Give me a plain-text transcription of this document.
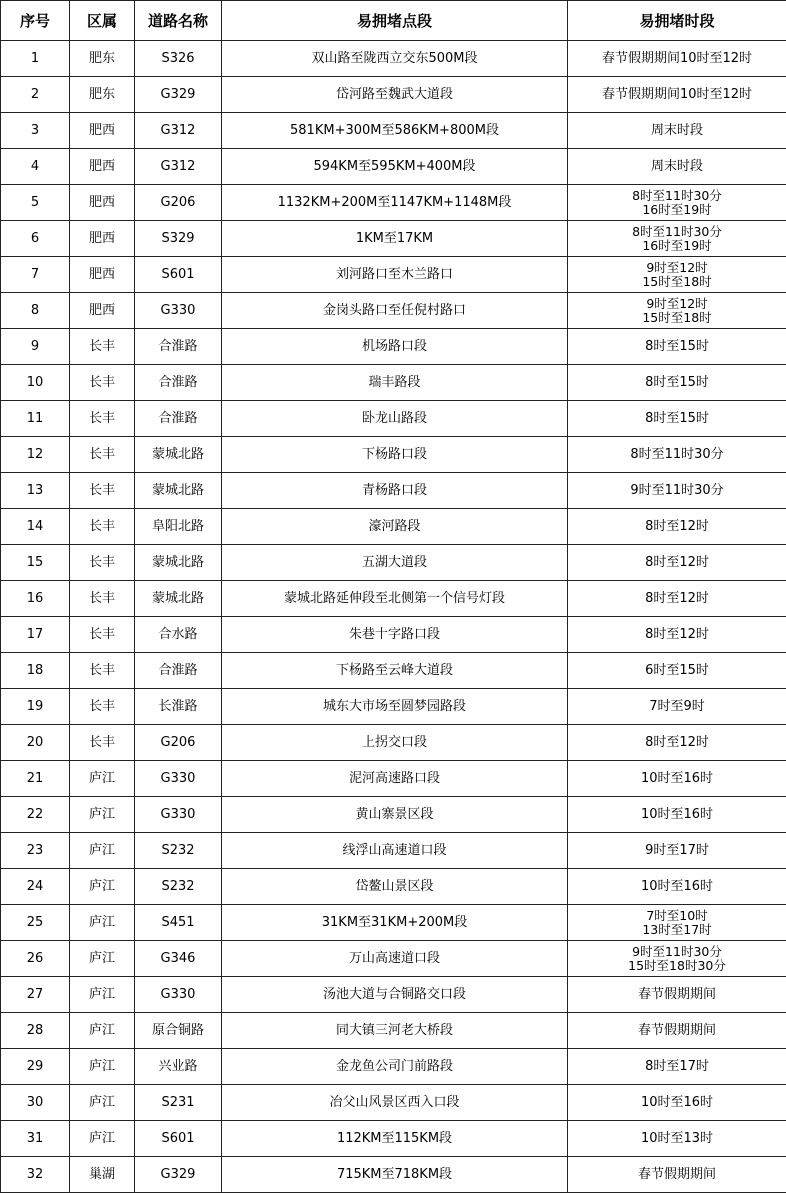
序号	区属	道路名称	易拥堵点段	易拥堵时段
1	肥东	S326	双山路至陇西立交东500M段	春节假期期间10时至12时

2	肥东	G329	岱河路至魏武大道段	春节假期期间10时至12时

3	肥西	G312	581KM+300M至586KM+800M段	周末时段

4	肥西	G312	594KM至595KM+400M段	周末时段

5	肥西	G206	1132KM+200M至1147KM+1148M段	8时至11时30分
16时至19时

6	肥西	S329	1KM至17KM	8时至11时30分
16时至19时

7	肥西	S601	刘河路口至木兰路口	9时至12时
15时至18时

8	肥西	G330	金岗头路口至任倪村路口	9时至12时
15时至18时

9	长丰	合淮路	机场路口段	8时至15时

10	长丰	合淮路	瑞丰路段	8时至15时

11	长丰	合淮路	卧龙山路段	8时至15时

12	长丰	蒙城北路	下杨路口段	8时至11时30分

13	长丰	蒙城北路	青杨路口段	9时至11时30分

14	长丰	阜阳北路	濠河路段	8时至12时

15	长丰	蒙城北路	五湖大道段	8时至12时

16	长丰	蒙城北路	蒙城北路延伸段至北侧第一个信号灯段	8时至12时

17	长丰	合水路	朱巷十字路口段	8时至12时

18	长丰	合淮路	下杨路至云峰大道段	6时至15时

19	长丰	长淮路	城东大市场至圆梦园路段	7时至9时

20	长丰	G206	上拐交口段	8时至12时

21	庐江	G330	泥河高速路口段	10时至16时

22	庐江	G330	黄山寨景区段	10时至16时

23	庐江	S232	线浮山高速道口段	9时至17时

24	庐江	S232	岱鳌山景区段	10时至16时

25	庐江	S451	31KM至31KM+200M段	7时至10时
13时至17时

26	庐江	G346	万山高速道口段	9时至11时30分
15时至18时30分

27	庐江	G330	汤池大道与合铜路交口段	春节假期期间

28	庐江	原合铜路	同大镇三河老大桥段	春节假期期间

29	庐江	兴业路	金龙鱼公司门前路段	8时至17时

30	庐江	S231	冶父山风景区西入口段	10时至16时

31	庐江	S601	112KM至115KM段	10时至13时

32	巢湖	G329	715KM至718KM段	春节假期期间
